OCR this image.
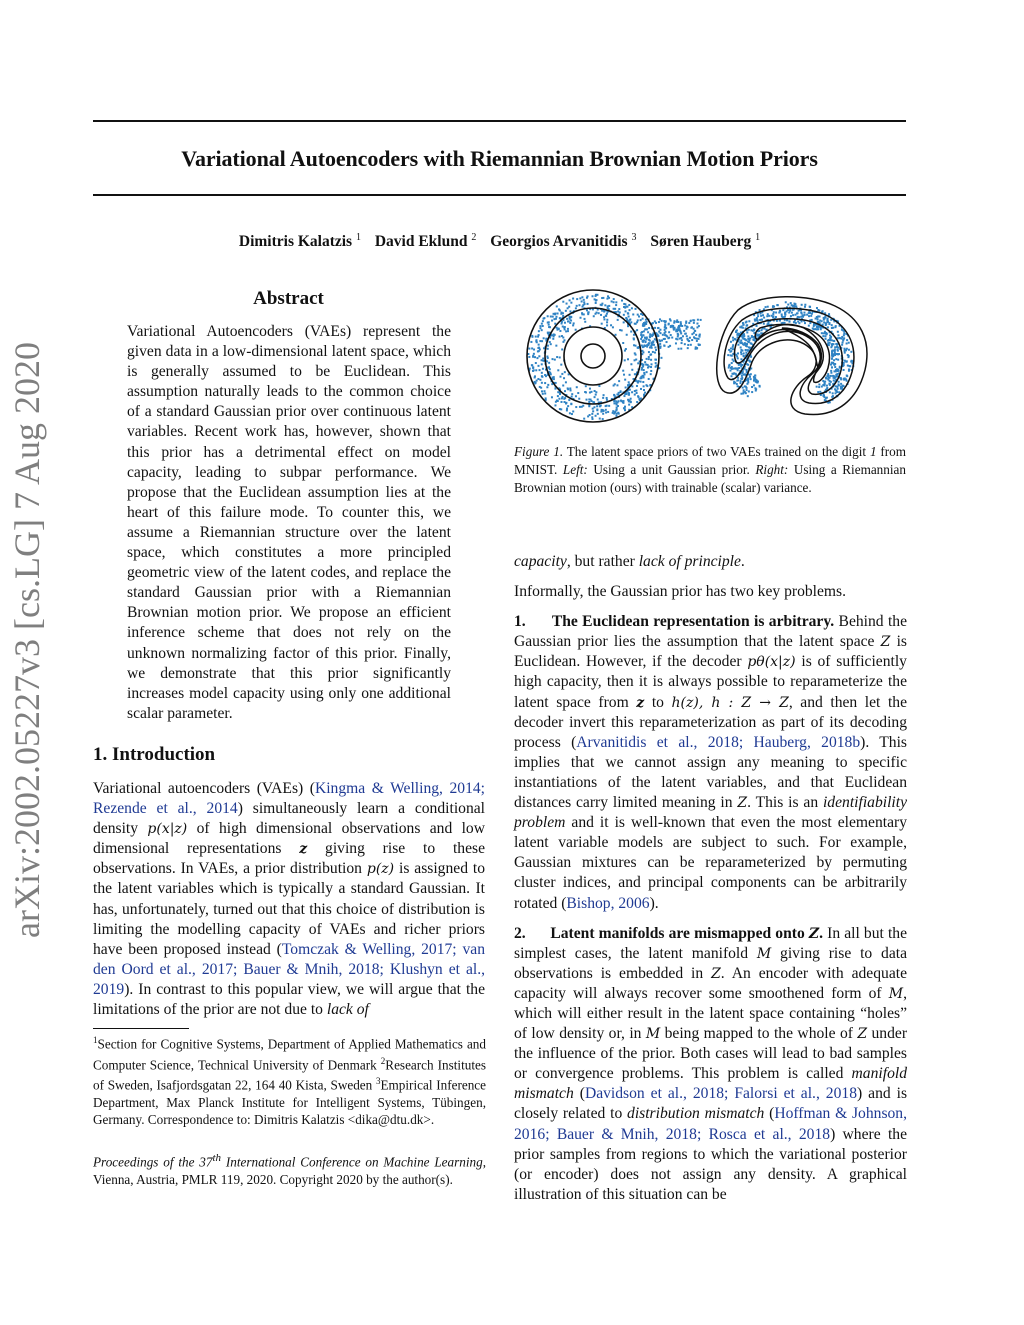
Variational Autoencoders with Riemannian Brownian Motion Priors
Dimitris Kalatzis $^1$ David Eklund $^2$ Georgios Arvanitidis $^3$ Søren Hauberg $^1$
arXiv:2002.05227v3 [cs.LG] 7 Aug 2020
Abstract
Variational Autoencoders (VAEs) represent the given data in a low-dimensional latent space, which is generally assumed to be Euclidean. This assumption naturally leads to the common choice of a standard Gaussian prior over continuous latent variables. Recent work has, however, shown that this prior has a detrimental effect on model capacity, leading to subpar performance. We propose that the Euclidean assumption lies at the heart of this failure mode. To counter this, we assume a Riemannian structure over the latent space, which constitutes a more principled geometric view of the latent codes, and replace the standard Gaussian prior with a Riemannian Brownian motion prior. We propose an efficient inference scheme that does not rely on the unknown normalizing factor of this prior. Finally, we demonstrate that this prior significantly increases model capacity using only one additional scalar parameter.
1. Introduction
Variational autoencoders (VAEs) (Kingma & Welling, 2014; Rezende et al., 2014) simultaneously learn a conditional density p(x|z) of high dimensional observations and low dimensional representations z giving rise to these observations. In VAEs, a prior distribution p(z) is assigned to the latent variables which is typically a standard Gaussian. It has, unfortunately, turned out that this choice of distribution is limiting the modelling capacity of VAEs and richer priors have been proposed instead (Tomczak & Welling, 2017; van den Oord et al., 2017; Bauer & Mnih, 2018; Klushyn et al., 2019). In contrast to this popular view, we will argue that the limitations of the prior are not due to lack of
$^1$Section for Cognitive Systems, Department of Applied Mathematics and Computer Science, Technical University of Denmark $^2$Research Institutes of Sweden, Isafjordsgatan 22, 164 40 Kista, Sweden $^3$Empirical Inference Department, Max Planck Institute for Intelligent Systems, Tübingen, Germany. Correspondence to: Dimitris Kalatzis <dika@dtu.dk>.
Proceedings of the 37th International Conference on Machine Learning, Vienna, Austria, PMLR 119, 2020. Copyright 2020 by the author(s).
Figure 1. The latent space priors of two VAEs trained on the digit 1 from MNIST. Left: Using a unit Gaussian prior. Right: Using a Riemannian Brownian motion (ours) with trainable (scalar) variance.
capacity, but rather lack of principle.
Informally, the Gaussian prior has two key problems.
1. The Euclidean representation is arbitrary. Behind the Gaussian prior lies the assumption that the latent space Z is Euclidean. However, if the decoder pθ(x|z) is of sufficiently high capacity, then it is always possible to reparameterize the latent space from z to h(z), h : Z → Z, and then let the decoder invert this reparameterization as part of its decoding process (Arvanitidis et al., 2018; Hauberg, 2018b). This implies that we cannot assign any meaning to specific instantiations of the latent variables, and that Euclidean distances carry limited meaning in Z. This is an identifiability problem and it is well-known that even the most elementary latent variable models are subject to such. For example, Gaussian mixtures can be reparameterized by permuting cluster indices, and principal components can be arbitrarily rotated (Bishop, 2006).
2. Latent manifolds are mismapped onto Z. In all but the simplest cases, the latent manifold M giving rise to data observations is embedded in Z. An encoder with adequate capacity will always recover some smoothened form of M, which will either result in the latent space containing “holes” of low density or, in M being mapped to the whole of Z under the influence of the prior. Both cases will lead to bad samples or convergence problems. This problem is called manifold mismatch (Davidson et al., 2018; Falorsi et al., 2018) and is closely related to distribution mismatch (Hoffman & Johnson, 2016; Bauer & Mnih, 2018; Rosca et al., 2018) where the prior samples from regions to which the variational posterior (or encoder) does not assign any density. A graphical illustration of this situation can be
